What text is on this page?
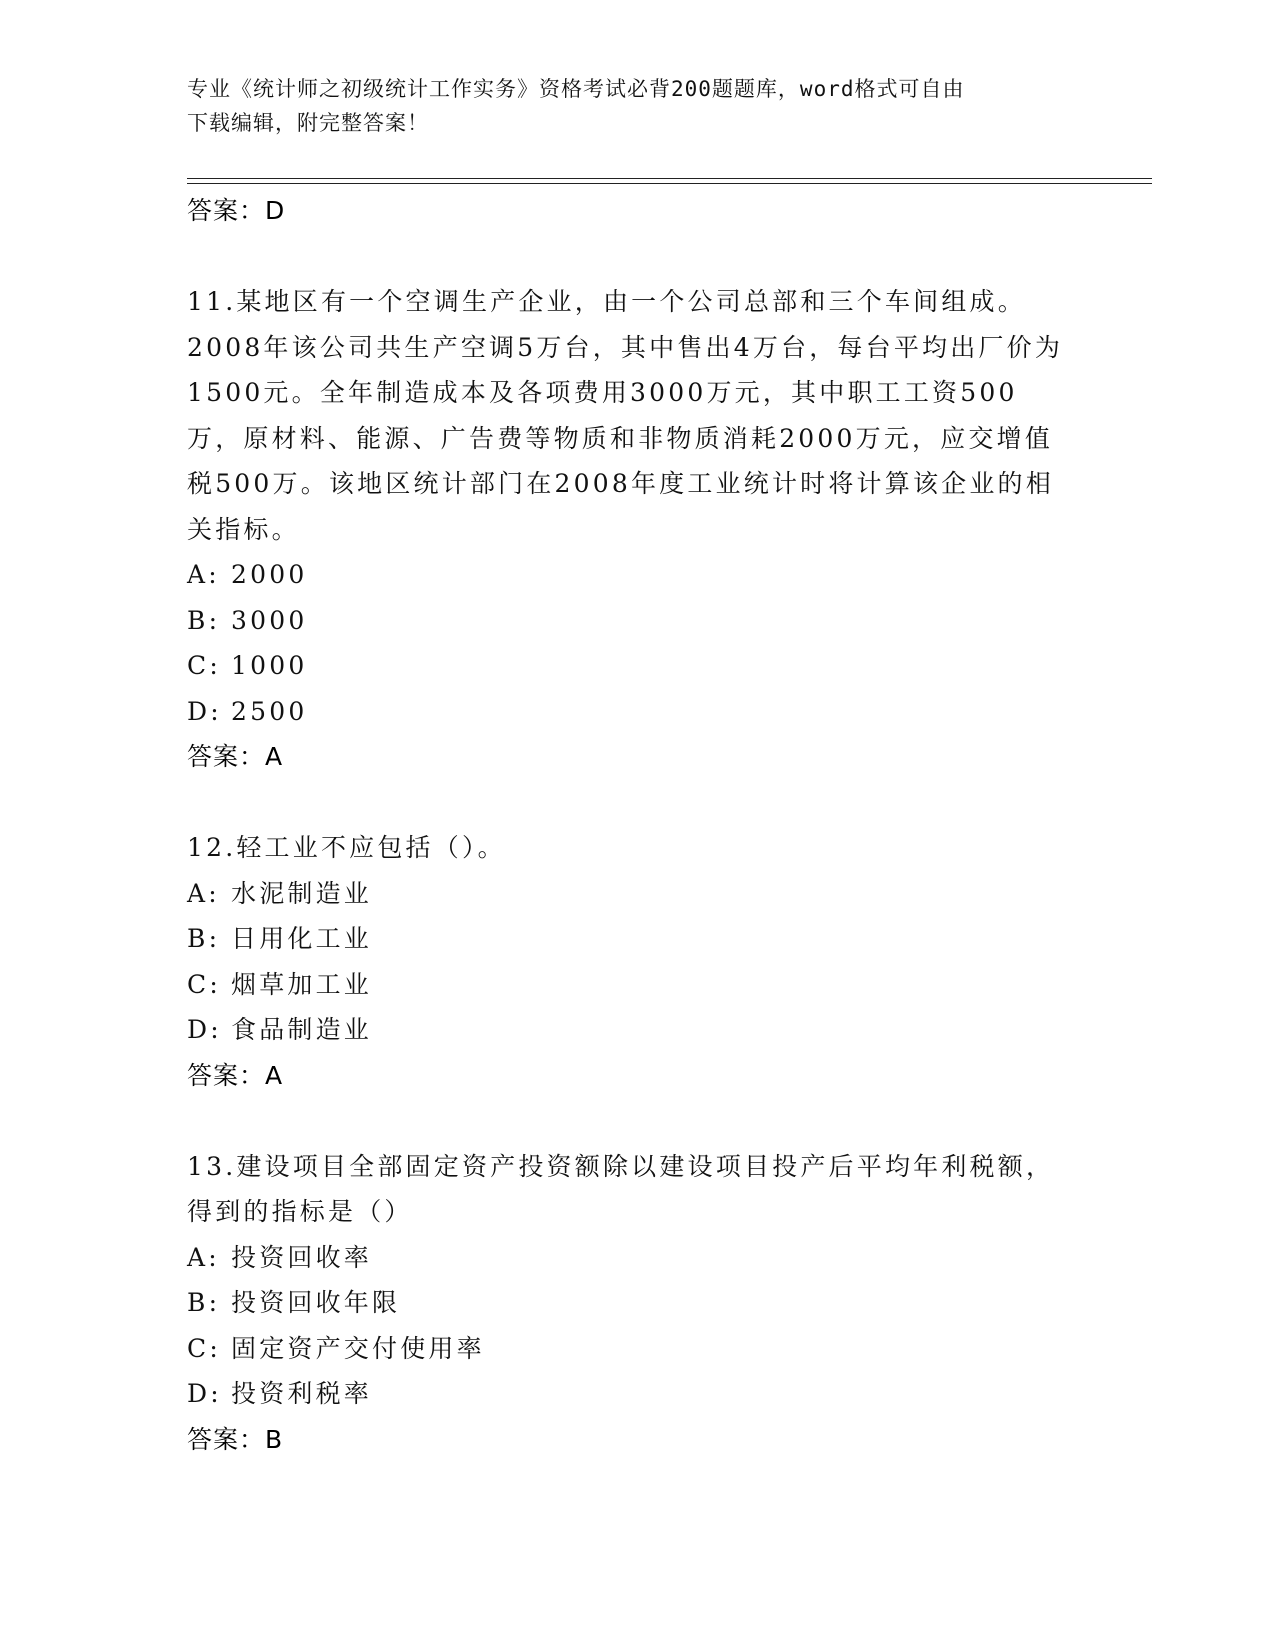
专业《统计师之初级统计工作实务》资格考试必背200题题库，word格式可自由
下载编辑，附完整答案！
答案：D

11.某地区有一个空调生产企业，由一个公司总部和三个车间组成。2008年该公司共生产空调5万台，其中售出4万台，每台平均出厂价为1500元。全年制造成本及各项费用3000万元，其中职工工资500万，原材料、能源、广告费等物质和非物质消耗2000万元，应交增值税500万。该地区统计部门在2008年度工业统计时将计算该企业的相关指标。

A: 2000
B: 3000
C: 1000
D: 2500
答案：A

12.轻工业不应包括（）。

A: 水泥制造业
B: 日用化工业
C: 烟草加工业
D: 食品制造业
答案：A

13.建设项目全部固定资产投资额除以建设项目投产后平均年利税额，得到的指标是（）

A: 投资回收率
B: 投资回收年限
C: 固定资产交付使用率
D: 投资利税率
答案：B
